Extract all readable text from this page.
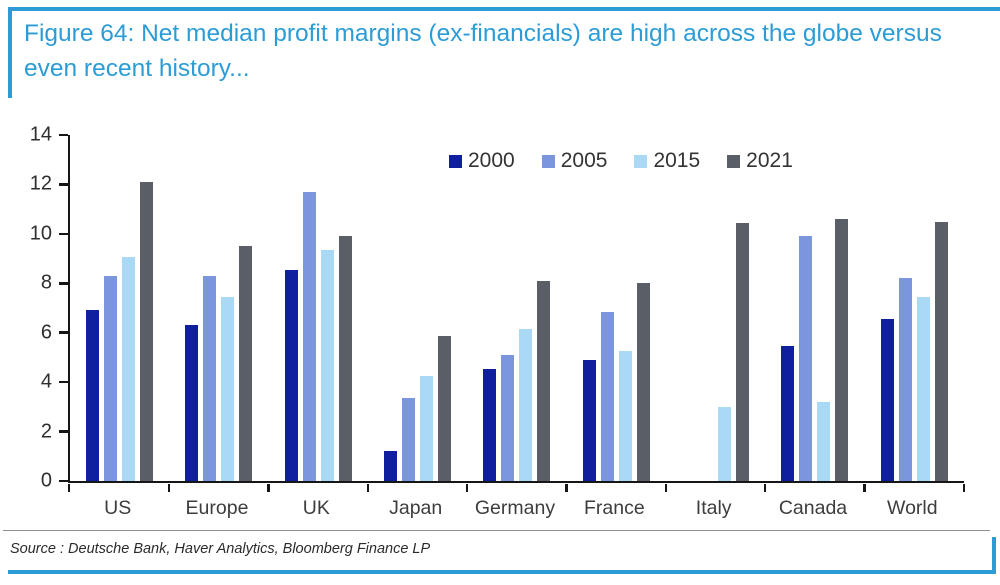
Figure 64: Net median profit margins (ex-financials) are high across the globe versus even recent history...
0
2
4
6
8
10
12
14
2000 2005 2015 2021
US	Europe	UK	Japan	Germany	France	Italy	Canada	World
Source : Deutsche Bank, Haver Analytics, Bloomberg Finance LP
